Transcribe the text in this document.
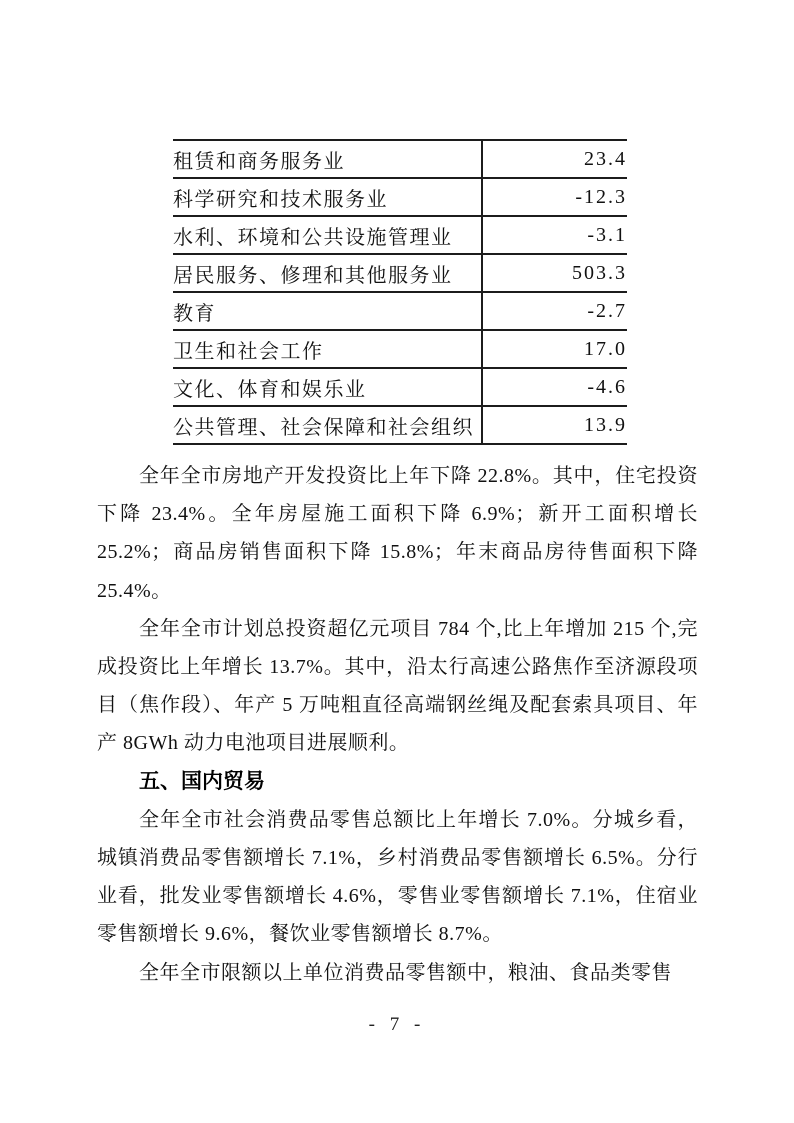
租赁和商务服务业	23.4
科学研究和技术服务业	-12.3
水利、环境和公共设施管理业	-3.1
居民服务、修理和其他服务业	503.3
教育	-2.7
卫生和社会工作	17.0
文化、体育和娱乐业	-4.6
公共管理、社会保障和社会组织	13.9

全年全市房地产开发投资比上年下降 22.8%。其中，住宅投资下降 23.4%。全年房屋施工面积下降 6.9%；新开工面积增长 25.2%；商品房销售面积下降 15.8%；年末商品房待售面积下降 25.4%。

全年全市计划总投资超亿元项目 784 个,比上年增加 215 个,完成投资比上年增长 13.7%。其中，沿太行高速公路焦作至济源段项目（焦作段）、年产 5 万吨粗直径高端钢丝绳及配套索具项目、年产 8GWh 动力电池项目进展顺利。

五、国内贸易

全年全市社会消费品零售总额比上年增长 7.0%。分城乡看，城镇消费品零售额增长 7.1%，乡村消费品零售额增长 6.5%。分行业看，批发业零售额增长 4.6%，零售业零售额增长 7.1%，住宿业零售额增长 9.6%，餐饮业零售额增长 8.7%。

全年全市限额以上单位消费品零售额中，粮油、食品类零售

- 7 -
